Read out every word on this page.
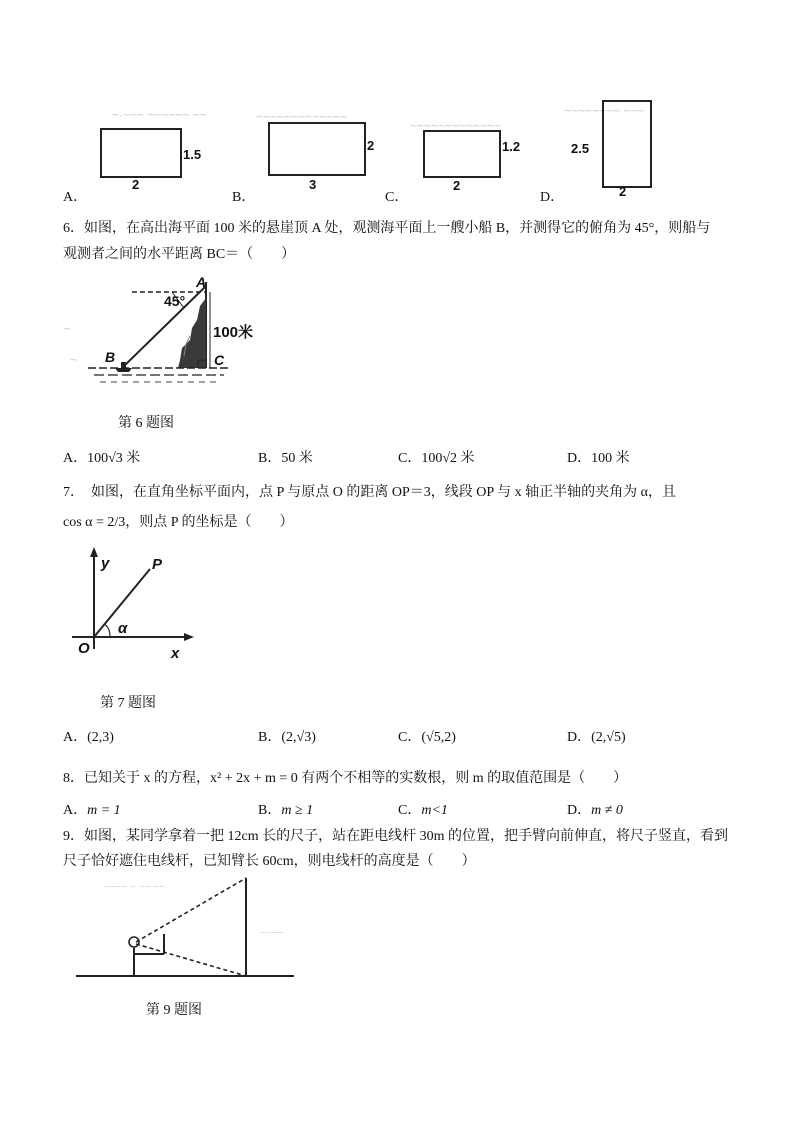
~·~~~ ~~~~~~ ~~
1.5
2
A．
~~~~~~~~~~~~~
2
3
B．
~~~~~~~~~~~~~
1.2
2
C．
~~~~~~~~ ~~~
2.5
2
D．
6．如图，在高出海平面 100 米的悬崖顶 A 处，观测海平面上一艘小船 B，并测得它的俯角为 45°，则船与
观测者之间的水平距离 BC＝（　　）
45°
100米
A
B	C
~
~
第 6 题图
A．100√3 米	B．50 米	C．100√2 米	D．100 米
7．　如图，在直角坐标平面内，点 P 与原点 O 的距离 OP＝3，线段 OP 与 x 轴正半轴的夹角为 α，且
cos α = 2/3，则点 P 的坐标是（　　）
y	P
α
O	x
第 7 题图
A．(2,3)	B．(2,√3)	C．(√5,2)	D．(2,√5)
8．已知关于 x 的方程，x² + 2x + m = 0 有两个不相等的实数根，则 m 的取值范围是（　　）
A．m = 1	B．m ≥ 1	C．m<1	D．m ≠ 0
9．如图，某同学拿着一把 12cm 长的尺子，站在距电线杆 30m 的位置，把手臂向前伸直，将尺子竖直，看到
尺子恰好遮住电线杆，已知臂长 60cm，则电线杆的高度是（　　）
~~~~ ~ ~~ ~~
~~~~
第 9 题图
